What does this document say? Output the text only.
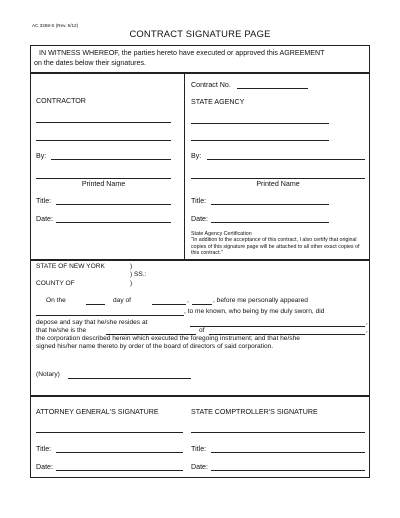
AC 3268-S (Rev. 5/12)
CONTRACT SIGNATURE PAGE
IN WITNESS WHEREOF, the parties hereto have executed or approved this AGREEMENT
on the dates below their signatures.
CONTRACTOR
By:
Printed Name
Title:
Date:
Contract No.
STATE AGENCY
By:
Printed Name
Title:
Date:
State Agency Certification
"In addition to the acceptance of this contract, I also certify that original copies of this signature page will be attached to all other exact copies of this contract."
STATE OF NEW YORK	)
) SS.:
COUNTY OF	)
On the	day of	,	, before me personally appeared
, to me known, who being by me duly sworn, did
depose and say that he/she resides at	,
that he/she is the	of	,
the corporation described herein which executed the foregoing instrument; and that he/she
signed his/her name thereto by order of the board of directors of said corporation.
(Notary)
ATTORNEY GENERAL'S SIGNATURE
Title:
Date:
STATE COMPTROLLER'S SIGNATURE
Title:
Date:
